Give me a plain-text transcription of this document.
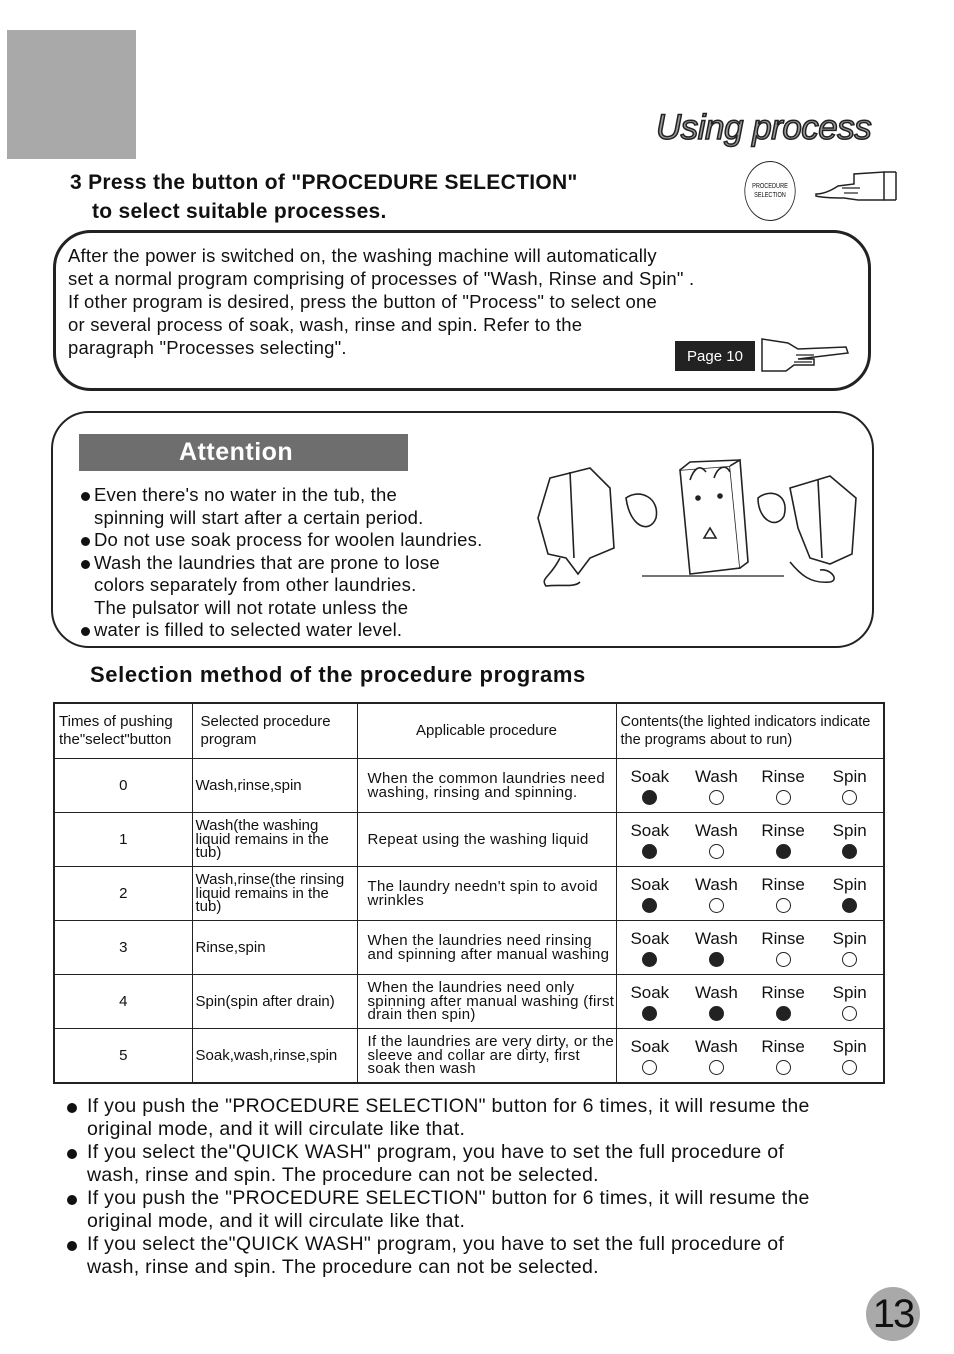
Using process
3 Press the button of "PROCEDURE SELECTION"
to select suitable processes.
PROCEDURE
SELECTION
After the power is switched on, the washing machine will automatically
set a normal program comprising of processes of "Wash, Rinse and Spin" .
If other program is desired, press the button of "Process" to select one
or several process of soak, wash, rinse and spin. Refer to the
paragraph "Processes selecting".	Page 10
Attention
Even there's no water in the tub, the
spinning will start after a certain period.
Do not use soak process for woolen laundries.
Wash the laundries that are prone to lose
colors separately from other laundries.
The pulsator will not rotate unless the
water is filled to selected water level.
Selection method of the procedure programs
Times of pushing the"select"button	Selected procedure program	Applicable procedure	Contents(the lighted indicators indicate the programs about to run)
0	Wash,rinse,spin	When the common laundries need washing, rinsing and spinning.	Soak Wash Rinse Spin

1	Wash(the washing liquid remains in the tub)	Repeat using the washing liquid	Soak Wash Rinse Spin

2	Wash,rinse(the rinsing liquid remains in the tub)	The laundry needn't spin to avoid wrinkles	Soak Wash Rinse Spin

3	Rinse,spin	When the laundries need rinsing and spinning after manual washing	Soak Wash Rinse Spin

4	Spin(spin after drain)	When the laundries need only spinning after manual washing (first drain then spin)	Soak Wash Rinse Spin

5	Soak,wash,rinse,spin	If the laundries are very dirty, or the sleeve and collar are dirty, first soak then wash	Soak Wash Rinse Spin
If you push the "PROCEDURE SELECTION" button for 6 times, it will resume the
original mode, and it will circulate like that.
If you select the"QUICK WASH" program, you have to set the full procedure of
wash, rinse and spin. The procedure can not be selected.
If you push the "PROCEDURE SELECTION" button for 6 times, it will resume the
original mode, and it will circulate like that.
If you select the"QUICK WASH" program, you have to set the full procedure of
wash, rinse and spin. The procedure can not be selected.
13
